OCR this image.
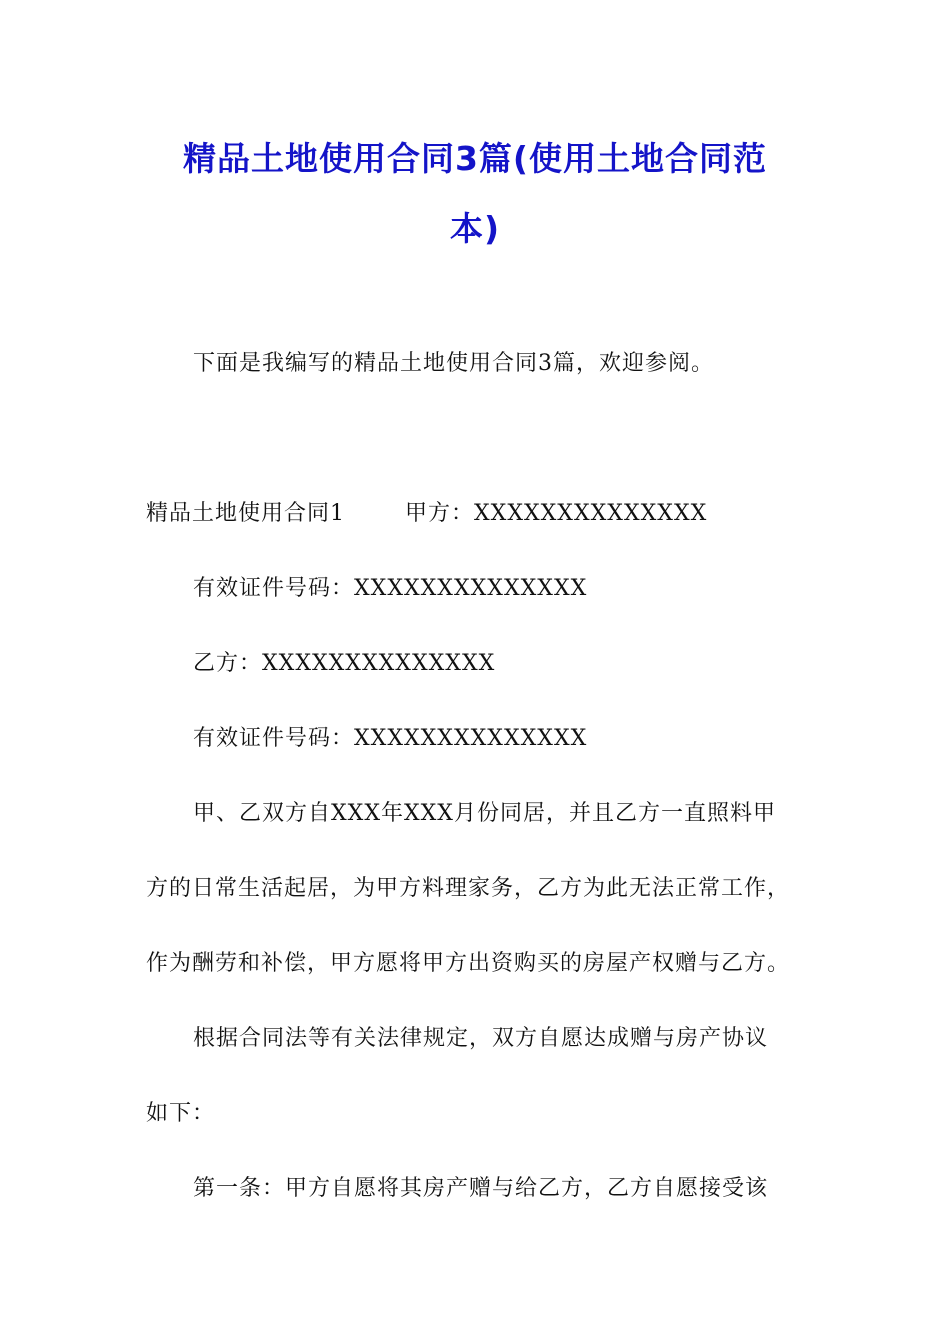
精品土地使用合同3篇(使用土地合同范
本)
下面是我编写的精品土地使用合同3篇，欢迎参阅。
精品土地使用合同1	甲方：XXXXXXXXXXXXXX
有效证件号码：XXXXXXXXXXXXXX
乙方：XXXXXXXXXXXXXX
有效证件号码：XXXXXXXXXXXXXX
甲、乙双方自XXX年XXX月份同居，并且乙方一直照料甲
方的日常生活起居，为甲方料理家务，乙方为此无法正常工作，
作为酬劳和补偿，甲方愿将甲方出资购买的房屋产权赠与乙方。
根据合同法等有关法律规定，双方自愿达成赠与房产协议
如下：
第一条：甲方自愿将其房产赠与给乙方，乙方自愿接受该
